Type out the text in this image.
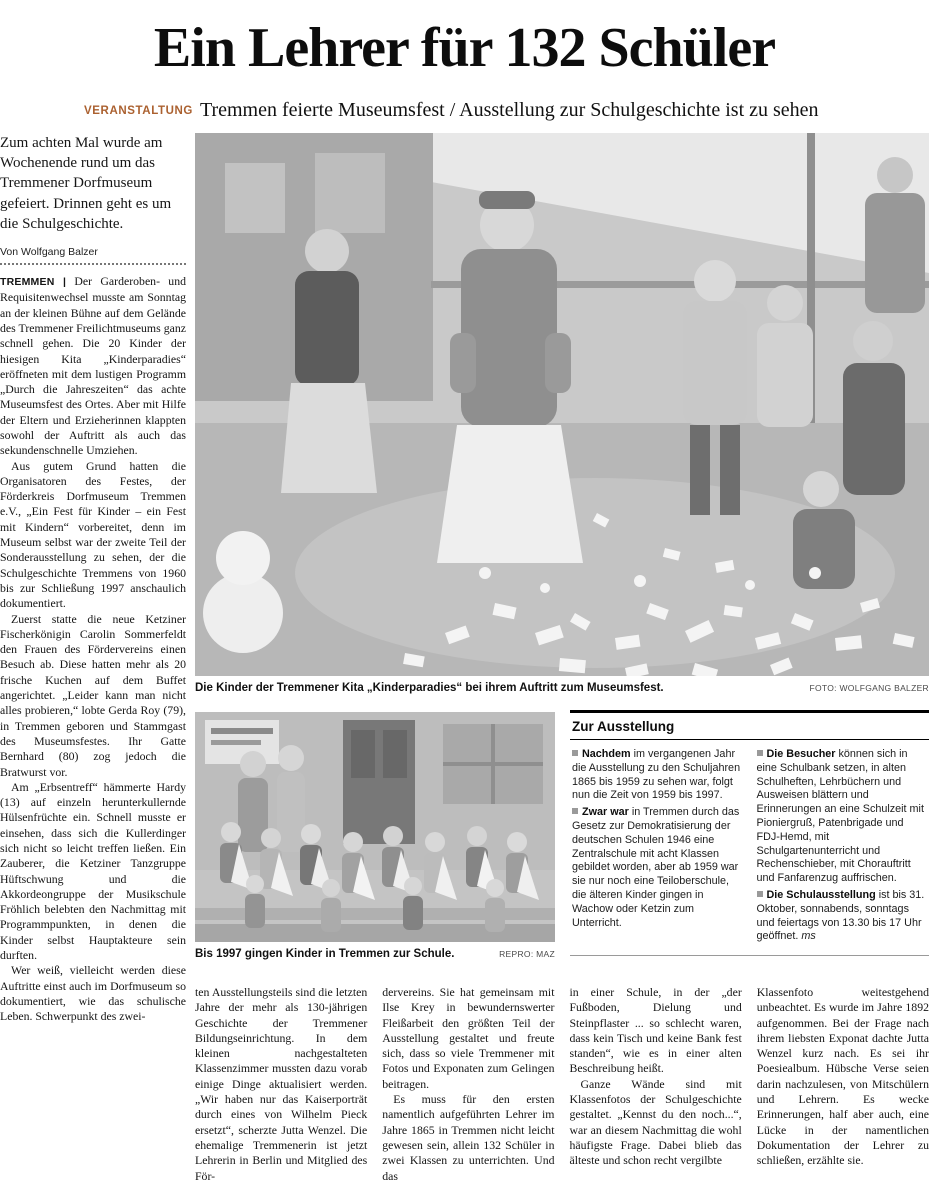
Ein Lehrer für 132 Schüler
VERANSTALTUNG Tremmen feierte Museumsfest / Ausstellung zur Schulgeschichte ist zu sehen

Zum achten Mal wurde am Wochenende rund um das Tremmener Dorfmuseum gefeiert. Drinnen geht es um die Schulgeschichte.

Von Wolfgang Balzer

TREMMEN | Der Garderoben- und Requisitenwechsel musste am Sonntag an der kleinen Bühne auf dem Gelände des Tremmener Freilichtmuseums ganz schnell gehen. Die 20 Kinder der hiesigen Kita „Kinderparadies“ eröffneten mit dem lustigen Programm „Durch die Jahreszeiten“ das achte Museumsfest des Ortes. Aber mit Hilfe der Eltern und Erzieherinnen klappten sowohl der Auftritt als auch das sekundenschnelle Umziehen.

Aus gutem Grund hatten die Organisatoren des Festes, der Förderkreis Dorfmuseum Tremmen e.V., „Ein Fest für Kinder – ein Fest mit Kindern“ vorbereitet, denn im Museum selbst war der zweite Teil der Sonderausstellung zu sehen, der die Schulgeschichte Tremmens von 1960 bis zur Schließung 1997 anschaulich dokumentiert.

Zuerst statte die neue Ketziner Fischerkönigin Carolin Sommerfeldt den Frauen des Fördervereins einen Besuch ab. Diese hatten mehr als 20 frische Kuchen auf dem Buffet angerichtet. „Leider kann man nicht alles probieren,“ lobte Gerda Roy (79), in Tremmen geboren und Stammgast des Museumsfestes. Ihr Gatte Bernhard (80) zog jedoch die Bratwurst vor.

Am „Erbsentreff“ hämmerte Hardy (13) auf einzeln herunterkullernde Hülsenfrüchte ein. Schnell musste er einsehen, dass sich die Kullerdinger sich nicht so leicht treffen ließen. Ein Zauberer, die Ketziner Tanzgruppe Hüftschwung und die Akkordeongruppe der Musikschule Fröhlich belebten den Nachmittag mit Programmpunkten, in denen die Kinder selbst Hauptakteure sein durften.

Wer weiß, vielleicht werden diese Auftritte einst auch im Dorfmuseum so dokumentiert, wie das schulische Leben. Schwerpunkt des zwei-

Die Kinder der Tremmener Kita „Kinderparadies“ bei ihrem Auftritt zum Museumsfest.	FOTO: WOLFGANG BALZER
Bis 1997 gingen Kinder in Tremmen zur Schule.	REPRO: MAZ
Zur Ausstellung

Nachdem im vergangenen Jahr die Ausstellung zu den Schuljahren 1865 bis 1959 zu sehen war, folgt nun die Zeit von 1959 bis 1997.

Zwar war in Tremmen durch das Gesetz zur Demokratisierung der deutschen Schulen 1946 eine Zentralschule mit acht Klassen gebildet worden, aber ab 1959 war sie nur noch eine Teiloberschule, die älteren Kinder gingen in Wachow oder Ketzin zum Unterricht.

Die Besucher können sich in eine Schulbank setzen, in alten Schulheften, Lehrbüchern und Ausweisen blättern und Erinnerungen an eine Schulzeit mit Pioniergruß, Patenbrigade und FDJ-Hemd, mit Schulgartenunterricht und Rechenschieber, mit Chorauftritt und Fanfarenzug auffrischen.

Die Schulausstellung ist bis 31. Oktober, sonnabends, sonntags und feiertags von 13.30 bis 17 Uhr geöffnet. ms

ten Ausstellungsteils sind die letzten Jahre der mehr als 130-jährigen Geschichte der Tremmener Bildungseinrichtung. In dem kleinen nachgestalteten Klassenzimmer mussten dazu vorab einige Dinge aktualisiert werden. „Wir haben nur das Kaiserporträt durch eines von Wilhelm Pieck ersetzt“, scherzte Jutta Wenzel. Die ehemalige Tremmenerin ist jetzt Lehrerin in Berlin und Mitglied des För-

dervereins. Sie hat gemeinsam mit Ilse Krey in bewundernswerter Fleißarbeit den größten Teil der Ausstellung gestaltet und freute sich, dass so viele Tremmener mit Fotos und Exponaten zum Gelingen beitragen.

Es muss für den ersten namentlich aufgeführten Lehrer im Jahre 1865 in Tremmen nicht leicht gewesen sein, allein 132 Schüler in zwei Klassen zu unterrichten. Und das

in einer Schule, in der „der Fußboden, Dielung und Steinpflaster ... so schlecht waren, dass kein Tisch und keine Bank fest standen“, wie es in einer alten Beschreibung heißt.

Ganze Wände sind mit Klassenfotos der Schulgeschichte gestaltet. „Kennst du den noch...“, war an diesem Nachmittag die wohl häufigste Frage. Dabei blieb das älteste und schon recht vergilbte

Klassenfoto weitestgehend unbeachtet. Es wurde im Jahre 1892 aufgenommen. Bei der Frage nach ihrem liebsten Exponat dachte Jutta Wenzel kurz nach. Es sei ihr Poesiealbum. Hübsche Verse seien darin nachzulesen, von Mitschülern und Lehrern. Es wecke Erinnerungen, half aber auch, eine Lücke in der namentlichen Dokumentation der Lehrer zu schließen, erzählte sie.
